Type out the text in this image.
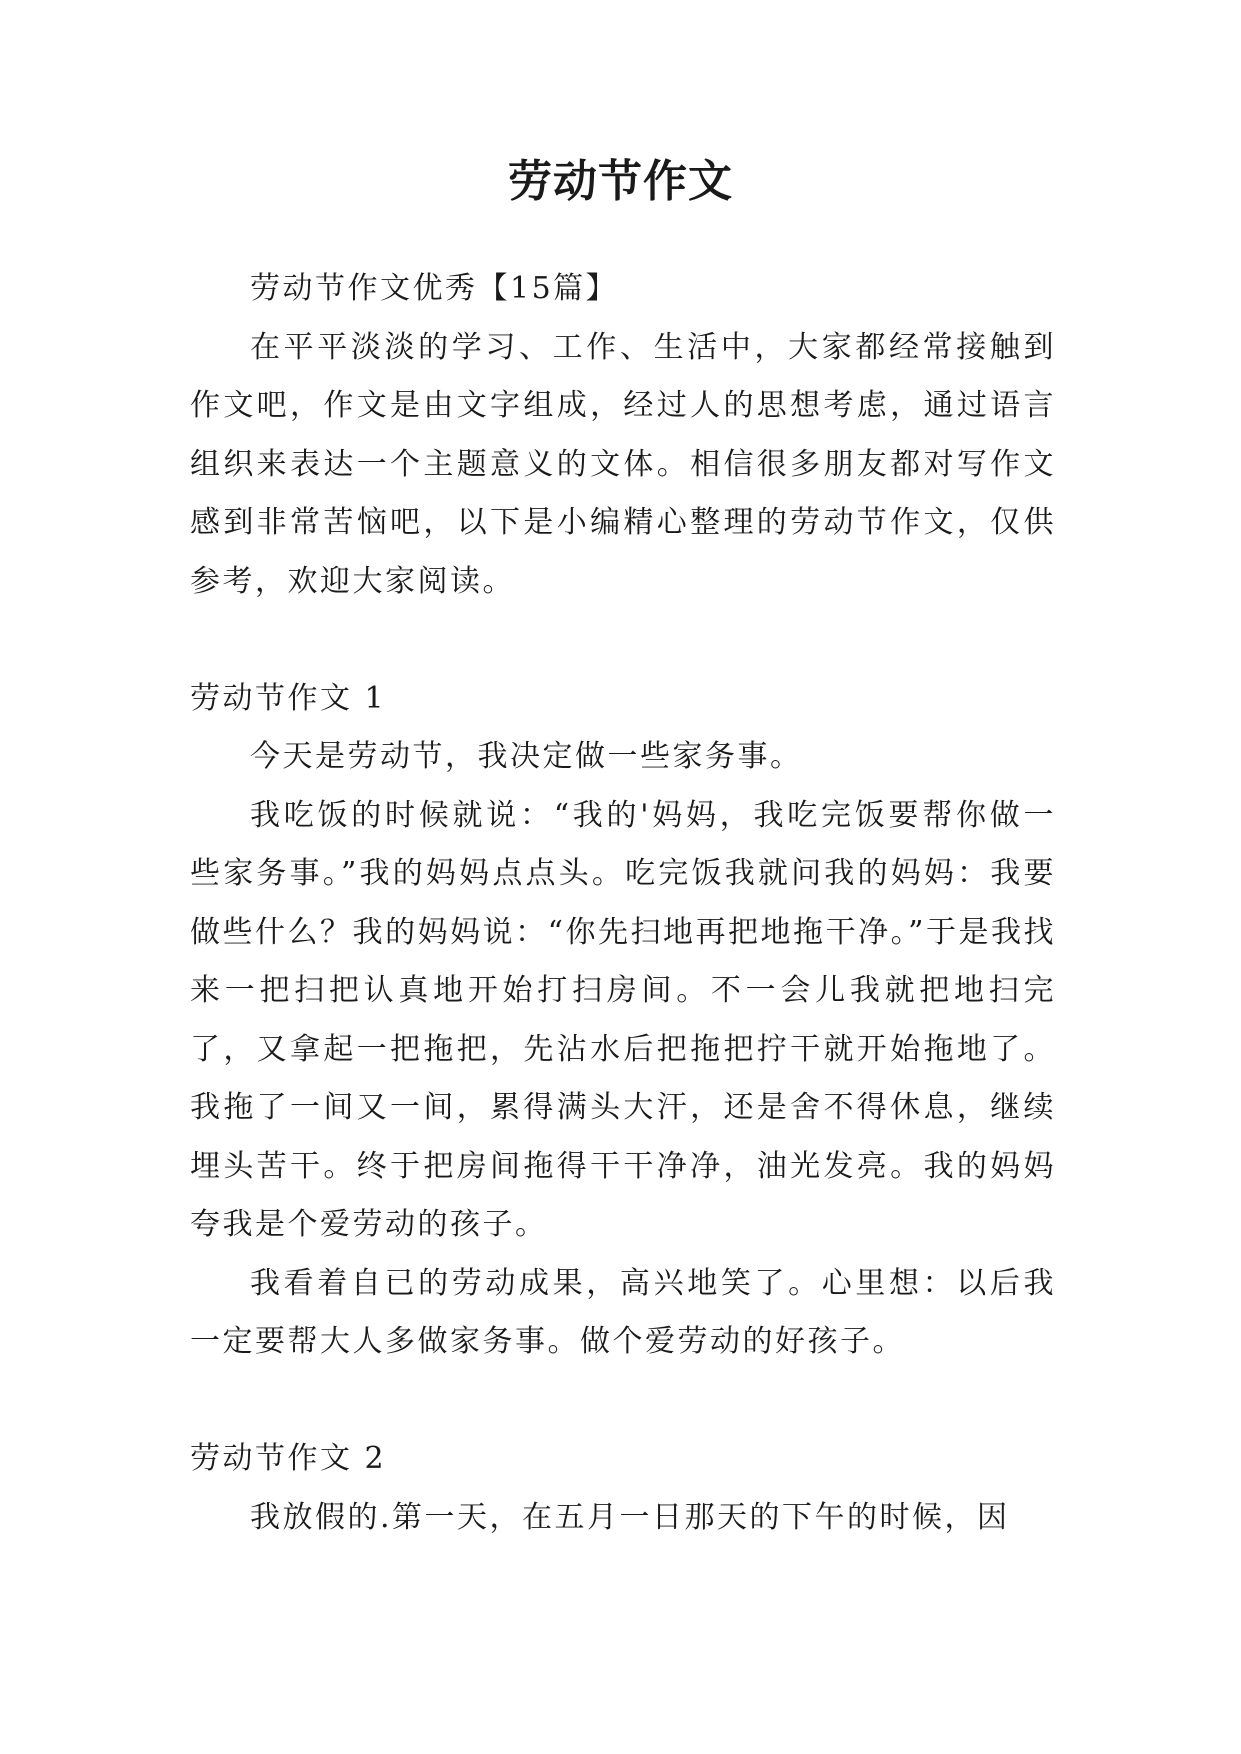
劳动节作文

劳动节作文优秀【15篇】

在平平淡淡的学习、工作、生活中，大家都经常接触到作文吧，作文是由文字组成，经过人的思想考虑，通过语言组织来表达一个主题意义的文体。相信很多朋友都对写作文感到非常苦恼吧，以下是小编精心整理的劳动节作文，仅供参考，欢迎大家阅读。

劳动节作文 1

今天是劳动节，我决定做一些家务事。

我吃饭的时候就说：“我的'妈妈，我吃完饭要帮你做一些家务事。”我的妈妈点点头。吃完饭我就问我的妈妈：我要做些什么？我的妈妈说：“你先扫地再把地拖干净。”于是我找来一把扫把认真地开始打扫房间。不一会儿我就把地扫完了，又拿起一把拖把，先沾水后把拖把拧干就开始拖地了。我拖了一间又一间，累得满头大汗，还是舍不得休息，继续埋头苦干。终于把房间拖得干干净净，油光发亮。我的妈妈夸我是个爱劳动的孩子。

我看着自已的劳动成果，高兴地笑了。心里想：以后我一定要帮大人多做家务事。做个爱劳动的好孩子。

劳动节作文 2

我放假的.第一天，在五月一日那天的下午的时候，因
